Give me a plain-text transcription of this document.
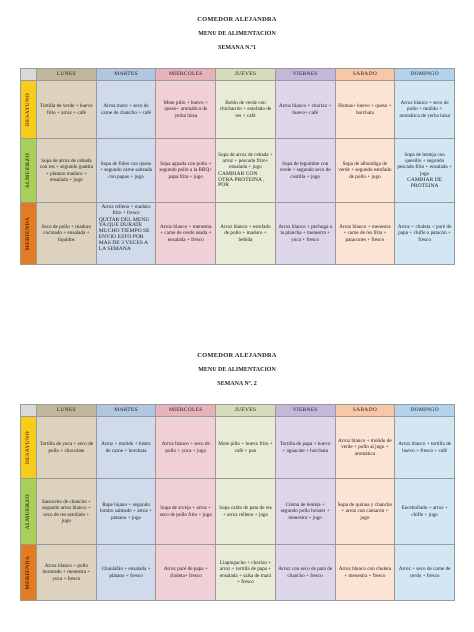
COMEDOR ALEJANDRA
MENU DE ALIMENTACION
SEMANA N.º1
	LUNES	MARTES	MIERCOLES	JUEVES	VIERNES	SABADO	DOMINGO

DESAYUNO	Tortilla de verde + huevo frito + arroz + café	Arroz moro + seco de carne de chancho + café	Mote pillo + huevo + queso+ aromática de yerba luisa	Bolón de verde con chicharrón + estofado de res + café	Arroz blanco + chorizo + huevo+ café	Humas+ huevo + queso + horchata	Arroz blanco + seco de pollo + molido + aromática de yerba luisa

ALMUERZO	Sopa de arroz de cebada con res + segundo guatita + platano maduro + ensalada + jugo	Sopa de fideo con queso + segundo carne salteada con papas + jugo	Sopa aguada con pollo + segundo pollo a la BBQ+ papa frita + jugo	Sopa de arroz de cebada + arroz + pescado frito+ ensalada + jugo
CAMBIAR CON OTRA PROTEINA , POR	Sopa de legumbre con verde + segundo seco de costilla + jugo	Sopa de albondiga de verde + segundo estofado de pollo + jugo	Sopa de lenteja con quesillo + segundo pescado frito + ensalada + jugo
CAMBIAR DE PROTEINA

MERIENDA	Seco de pollo + maduro cocinado + ensalada + líquidos	Arroz relleno + maduro frito + fresco
QUITAR DEL MENU YA QUE DURATE MUCHO TIEMPO SE ENVIO ESTO POR MAS DE 3 VECES A LA SEMANA	Arroz blanco + menestra + carne de cerdo asada + ensalada + fresco	Arroz blanco + estofado de pollo + maduro + bebida	Arroz blanco + pechuga a la plancha + menestra + yuca + fresco	Arroz blanco + menestra + carne de res frita + patacones + fresco	Arroz + chuleta + puré de papa + chifle o patacón + fresco
COMEDOR ALEJANDRA
MENU DE ALIMENTACION
SEMANA Nº. 2
	LUNES	MARTES	MIERCOLES	JUEVES	VIERNES	SABADO	DOMINGO

DESAYUNO	Tortilla de yuca + seco de pollo + chocolate	Arroz + molido + bistec de carne + horchata	Arroz blanco + seco de pollo + yuca + jugo	Mote pillo + huevo frito + café + pan	Tortilla de papa + huevo + aguacate + horchata	Arroz blanco + molido de verde + pollo al jugo + aromática	Arroz blanco + tortilla de huevo + fresco + café

ALMUERZO	Sancocho de chancho + segundo arroz blanco + seco de res estofado + jugo	Rape lojano + segundo lomito salteado + arroz + platano + jugo	Sopa de arveja + arroz + seco de pollo frito + jugo	Sopa caldo de pata de res + arroz relleno + jugo	Crema de lenteja + segundo pollo broster + menestra + jugo	Sopa de quinua y chancho + arroz con camarón + jugo	Encebollado + arroz + chifle + jugo

MERIENDA	Arroz blanco + pollo horneado + menestra + yuca + fresco	Chaulafán + ensalada + plátano + fresco	Arroz puré de papa + chuleta+ fresco	Llapingacho + chorizo + arroz + tortilla de papa + ensalada + salsa de maní + fresco	Arroz con seco de pata de chancho + fresco	Arroz blanco con chuleta + menestra + fresco	Arroz + seco de carne de cerdo + fresco
